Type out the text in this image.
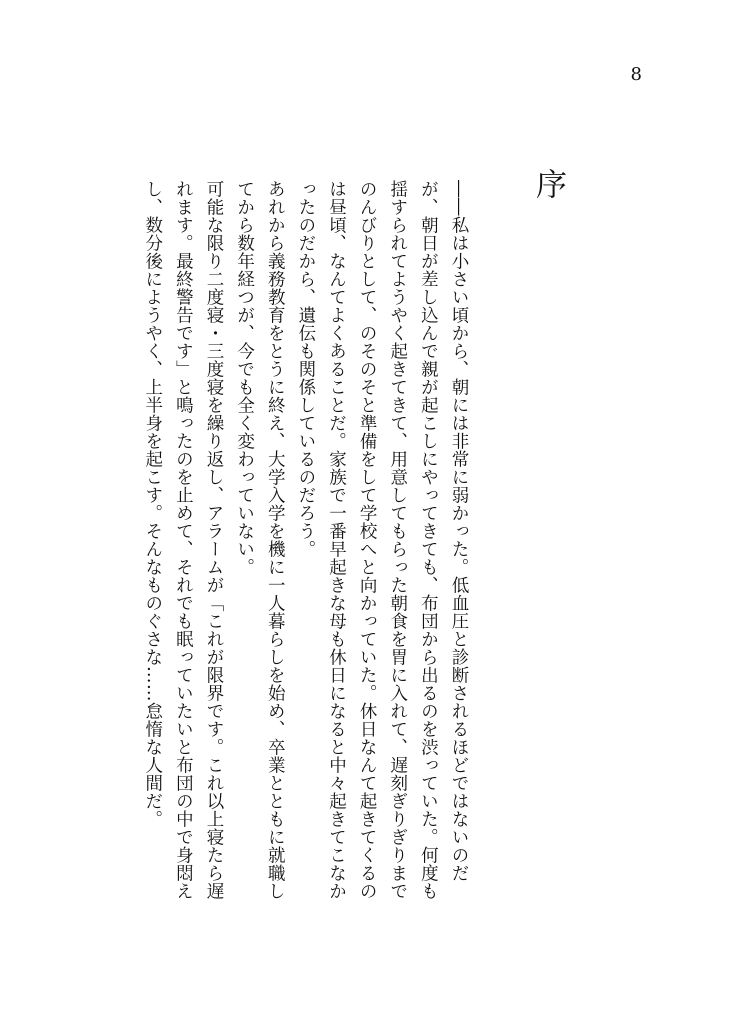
8
序

――私は小さい頃から、朝には非常に弱かった。低血圧と診断されるほどではないのだが、朝日が差し込んで親が起こしにやってきても、布団から出るのを渋っていた。何度も揺すられてようやく起きてきて、用意してもらった朝食を胃に入れて、遅刻ぎりぎりまでのんびりとして、のそのそと準備をして学校へと向かっていた。休日なんて起きてくるのは昼頃、なんてよくあることだ。家族で一番早起きな母も休日になると中々起きてこなかったのだから、遺伝も関係しているのだろう。

あれから義務教育をとうに終え、大学入学を機に一人暮らしを始め、卒業とともに就職してから数年経つが、今でも全く変わっていない。

可能な限り二度寝・三度寝を繰り返し、アラームが「これが限界です。これ以上寝たら遅れます。最終警告です」と鳴ったのを止めて、それでも眠っていたいと布団の中で身悶えし、数分後にようやく、上半身を起こす。そんなものぐさな……怠惰な人間だ。
